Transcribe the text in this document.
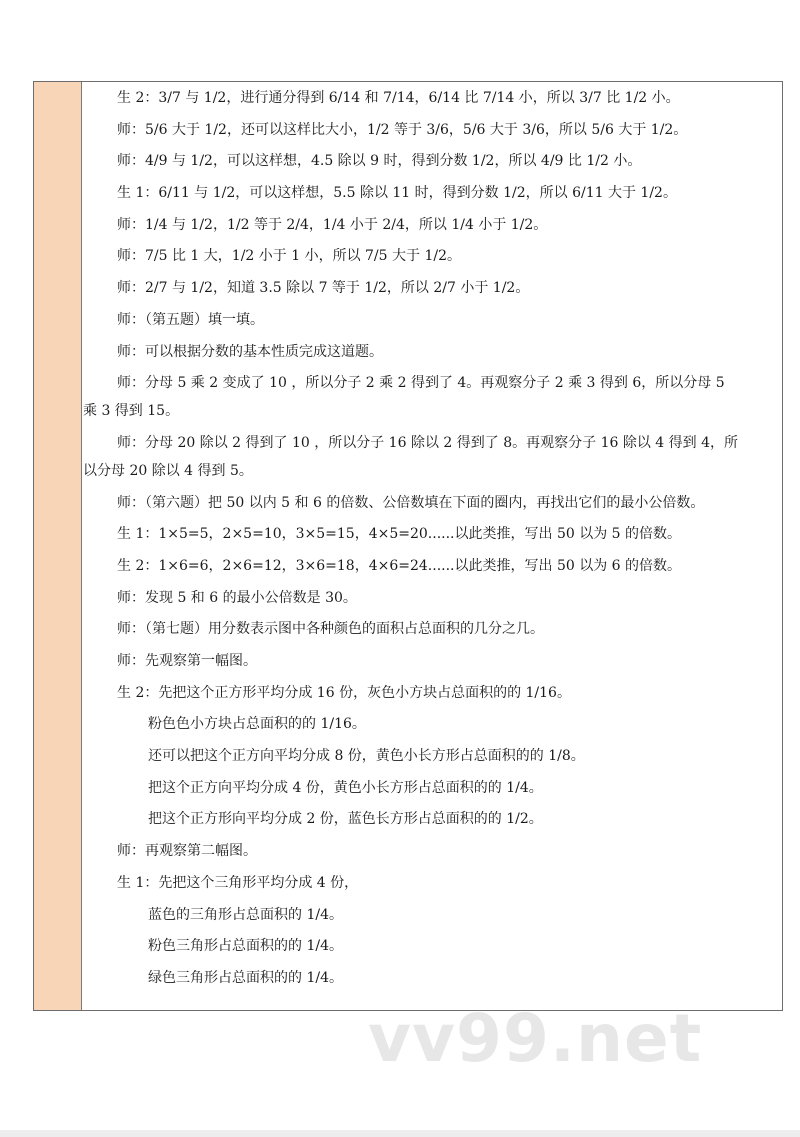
生 2：3/7 与 1/2，进行通分得到 6/14 和 7/14，6/14 比 7/14 小，所以 3/7 比 1/2 小。

师：5/6 大于 1/2，还可以这样比大小，1/2 等于 3/6，5/6 大于 3/6，所以 5/6 大于 1/2。

师：4/9 与 1/2，可以这样想，4.5 除以 9 时，得到分数 1/2，所以 4/9 比 1/2 小。

生 1：6/11 与 1/2，可以这样想，5.5 除以 11 时，得到分数 1/2，所以 6/11 大于 1/2。

师：1/4 与 1/2，1/2 等于 2/4，1/4 小于 2/4，所以 1/4 小于 1/2。

师：7/5 比 1 大，1/2 小于 1 小，所以 7/5 大于 1/2。

师：2/7 与 1/2，知道 3.5 除以 7 等于 1/2，所以 2/7 小于 1/2。

师：（第五题）填一填。

师：可以根据分数的基本性质完成这道题。

师：分母 5 乘 2 变成了 10 ，所以分子 2 乘 2 得到了 4。再观察分子 2 乘 3 得到 6，所以分母 5

乘 3 得到 15。

师：分母 20 除以 2 得到了 10 ，所以分子 16 除以 2 得到了 8。再观察分子 16 除以 4 得到 4，所

以分母 20 除以 4 得到 5。

师：（第六题）把 50 以内 5 和 6 的倍数、公倍数填在下面的圈内，再找出它们的最小公倍数。

生 1：1×5=5，2×5=10，3×5=15，4×5=20......以此类推，写出 50 以为 5 的倍数。

生 2：1×6=6，2×6=12，3×6=18，4×6=24......以此类推，写出 50 以为 6 的倍数。

师：发现 5 和 6 的最小公倍数是 30。

师：（第七题）用分数表示图中各种颜色的面积占总面积的几分之几。

师：先观察第一幅图。

生 2：先把这个正方形平均分成 16 份，灰色小方块占总面积的的 1/16。

粉色色小方块占总面积的的 1/16。

还可以把这个正方向平均分成 8 份，黄色小长方形占总面积的的 1/8。

把这个正方向平均分成 4 份，黄色小长方形占总面积的的 1/4。

把这个正方形向平均分成 2 份，蓝色长方形占总面积的的 1/2。

师：再观察第二幅图。

生 1：先把这个三角形平均分成 4 份，

蓝色的三角形占总面积的 1/4。

粉色三角形占总面积的的 1/4。

绿色三角形占总面积的的 1/4。

vv99.net
